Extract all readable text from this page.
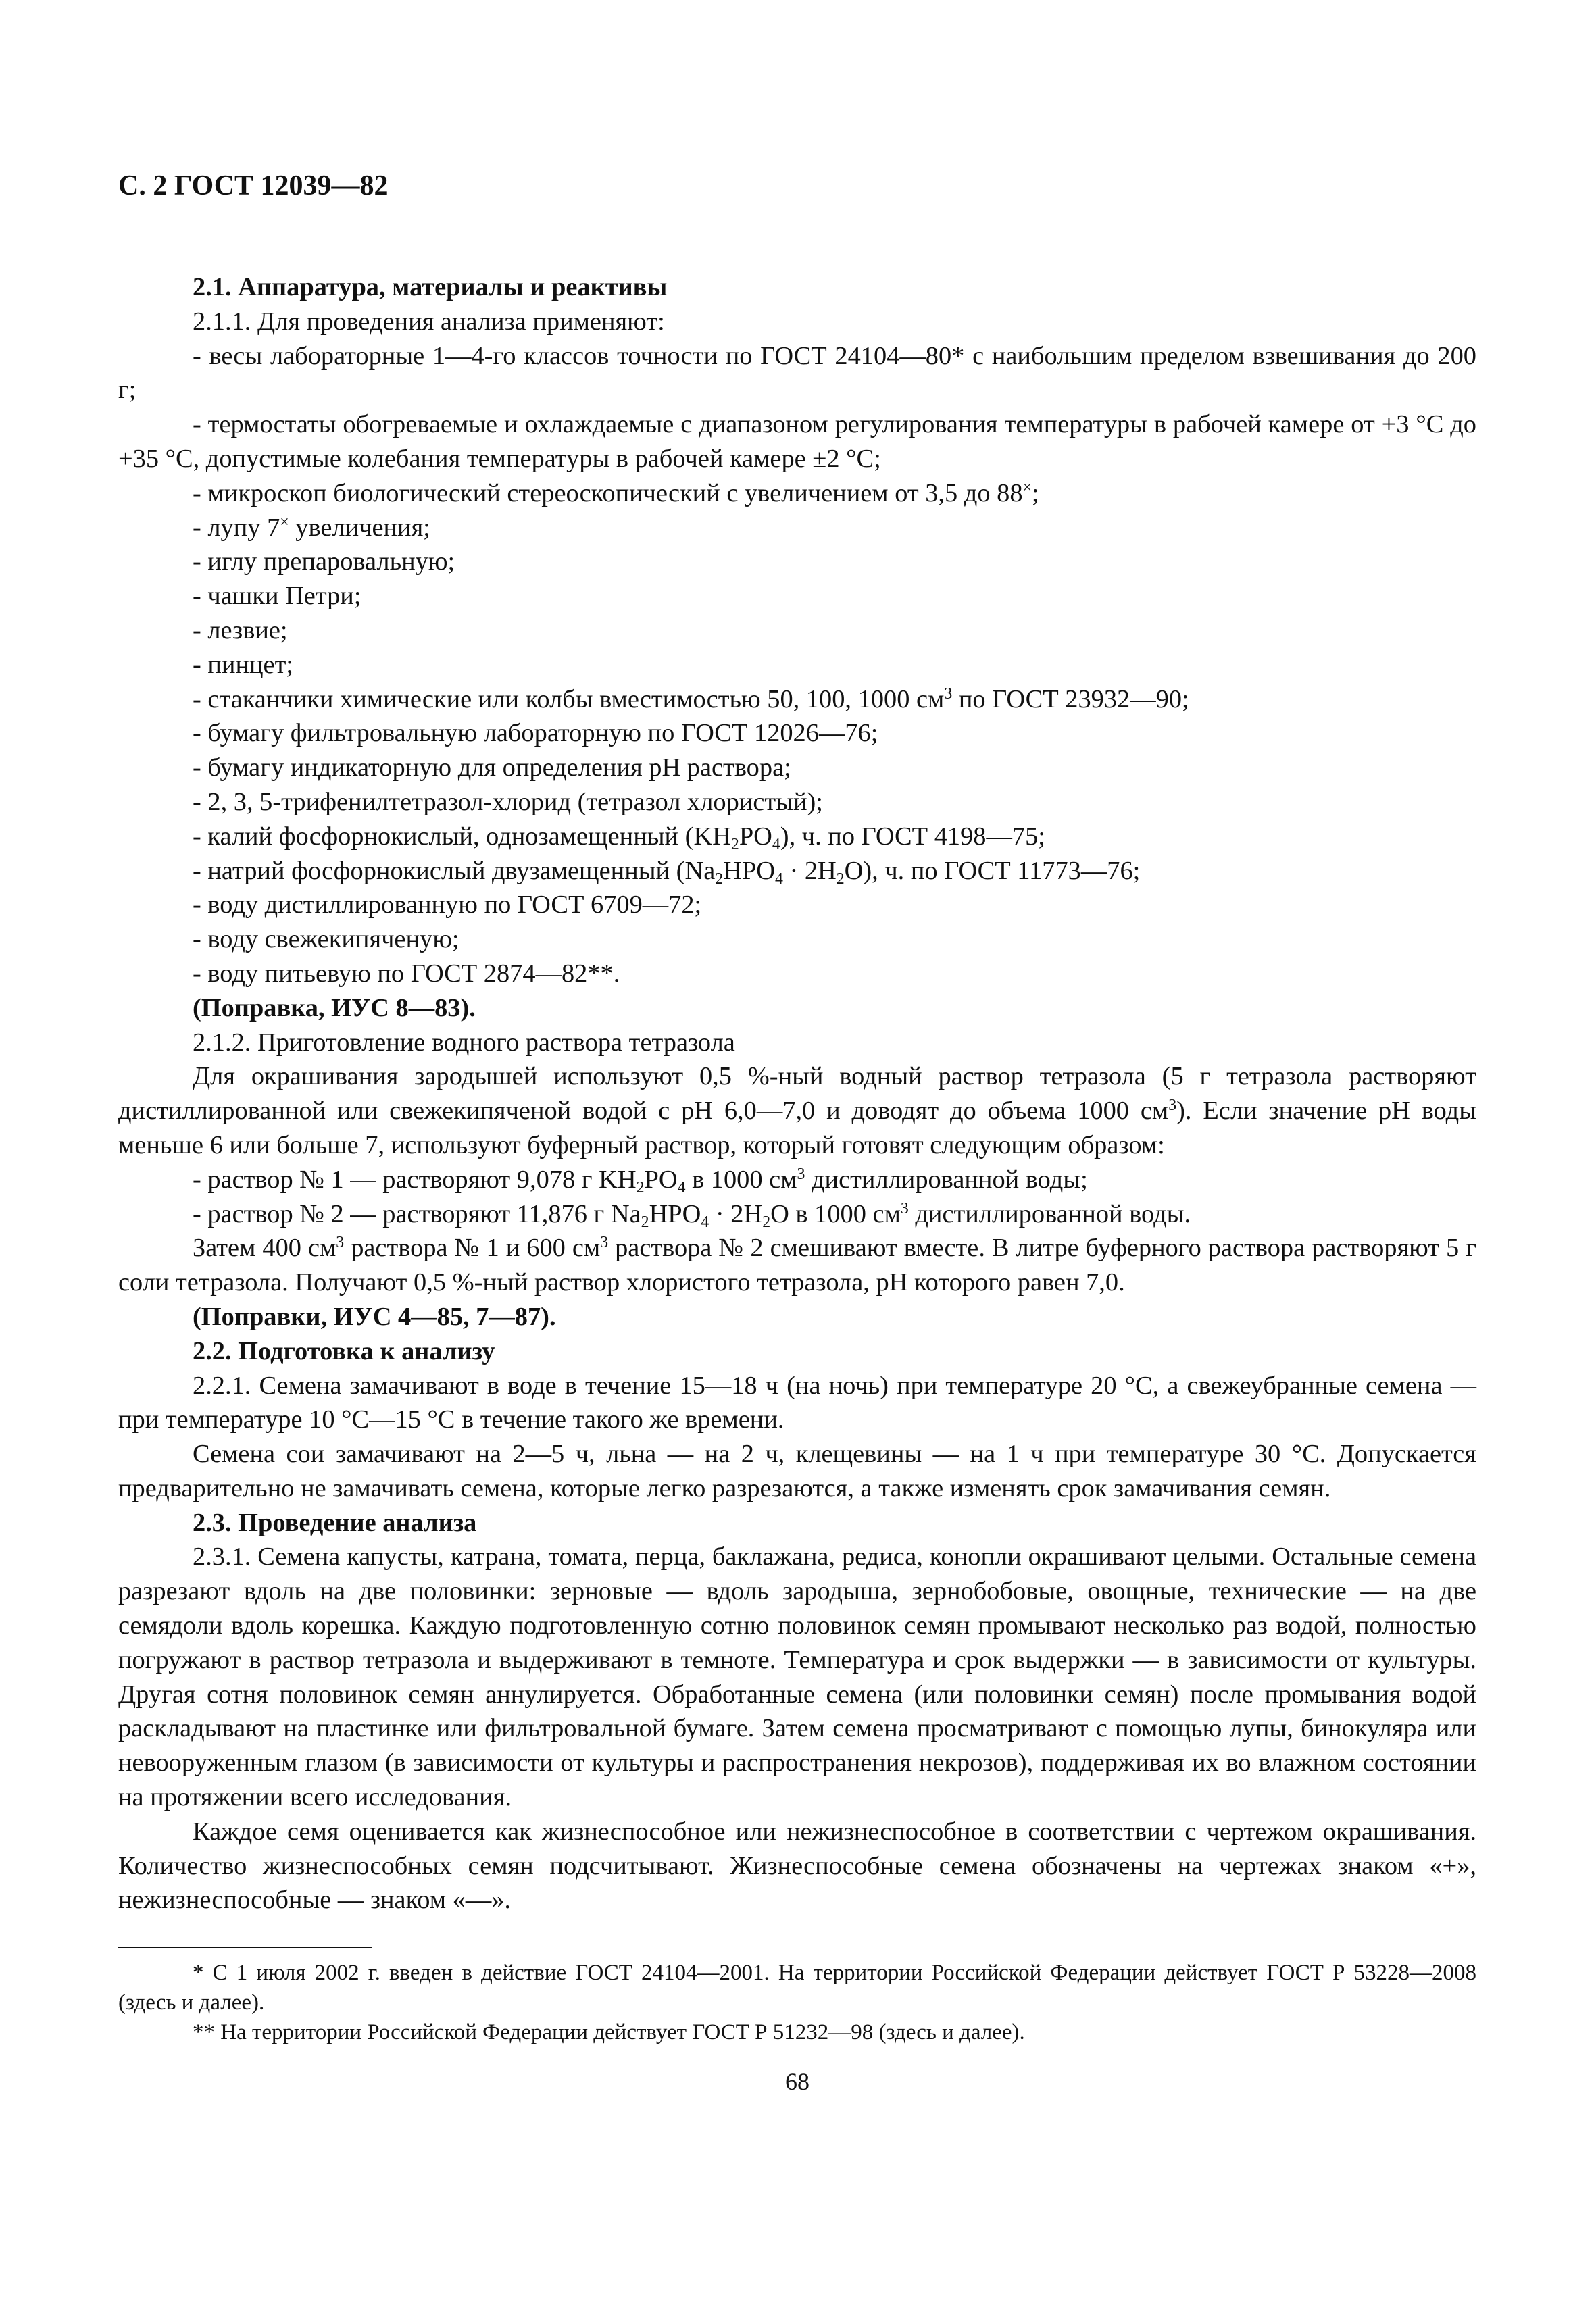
С. 2 ГОСТ 12039—82

2.1. Аппаратура, материалы и реактивы

2.1.1. Для проведения анализа применяют:

- весы лабораторные 1—4-го классов точности по ГОСТ 24104—80* с наибольшим пределом взвешивания до 200 г;

- термостаты обогреваемые и охлаждаемые с диапазоном регулирования температуры в рабочей камере от +3 °C до +35 °C, допустимые колебания температуры в рабочей камере ±2 °C;

- микроскоп биологический стереоскопический с увеличением от 3,5 до 88×;

- лупу 7× увеличения;

- иглу препаровальную;

- чашки Петри;

- лезвие;

- пинцет;

- стаканчики химические или колбы вместимостью 50, 100, 1000 $см^3$ по ГОСТ 23932—90;

- бумагу фильтровальную лабораторную по ГОСТ 12026—76;

- бумагу индикаторную для определения pH раствора;

- 2, 3, 5-трифенилтетразол-хлорид (тетразол хлористый);

- калий фосфорнокислый, однозамещенный $(KH_2PO_4)$, ч. по ГОСТ 4198—75;

- натрий фосфорнокислый двузамещенный $(Na_2HPO_4 \cdot 2H_2O)$, ч. по ГОСТ 11773—76;

- воду дистиллированную по ГОСТ 6709—72;

- воду свежекипяченую;

- воду питьевую по ГОСТ 2874—82**.

(Поправка, ИУС 8—83).

2.1.2. Приготовление водного раствора тетразола

Для окрашивания зародышей используют 0,5 %-ный водный раствор тетразола (5 г тетразола растворяют дистиллированной или свежекипяченой водой с pH 6,0—7,0 и доводят до объема 1000 $см^3$). Если значение pH воды меньше 6 или больше 7, используют буферный раствор, который готовят следующим образом:

- раствор № 1 — растворяют 9,078 г $KH_2PO_4$ в 1000 $см^3$ дистиллированной воды;

- раствор № 2 — растворяют 11,876 г $Na_2HPO_4 \cdot 2H_2O$ в 1000 $см^3$ дистиллированной воды.

Затем 400 $см^3$ раствора № 1 и 600 $см^3$ раствора № 2 смешивают вместе. В литре буферного раствора растворяют 5 г соли тетразола. Получают 0,5 %-ный раствор хлористого тетразола, pH которого равен 7,0.

(Поправки, ИУС 4—85, 7—87).

2.2. Подготовка к анализу

2.2.1. Семена замачивают в воде в течение 15—18 ч (на ночь) при температуре 20 °C, а свежеубранные семена — при температуре 10 °C—15 °C в течение такого же времени.

Семена сои замачивают на 2—5 ч, льна — на 2 ч, клещевины — на 1 ч при температуре 30 °C. Допускается предварительно не замачивать семена, которые легко разрезаются, а также изменять срок замачивания семян.

2.3. Проведение анализа

2.3.1. Семена капусты, катрана, томата, перца, баклажана, редиса, конопли окрашивают целыми. Остальные семена разрезают вдоль на две половинки: зерновые — вдоль зародыша, зернобобовые, овощные, технические — на две семядоли вдоль корешка. Каждую подготовленную сотню половинок семян промывают несколько раз водой, полностью погружают в раствор тетразола и выдерживают в темноте. Температура и срок выдержки — в зависимости от культуры. Другая сотня половинок семян аннулируется. Обработанные семена (или половинки семян) после промывания водой раскладывают на пластинке или фильтровальной бумаге. Затем семена просматривают с помощью лупы, бинокуляра или невооруженным глазом (в зависимости от культуры и распространения некрозов), поддерживая их во влажном состоянии на протяжении всего исследования.

Каждое семя оценивается как жизнеспособное или нежизнеспособное в соответствии с чертежом окрашивания. Количество жизнеспособных семян подсчитывают. Жизнеспособные семена обозначены на чертежах знаком «+», нежизнеспособные — знаком «—».

* С 1 июля 2002 г. введен в действие ГОСТ 24104—2001. На территории Российской Федерации действует ГОСТ Р 53228—2008 (здесь и далее).

** На территории Российской Федерации действует ГОСТ Р 51232—98 (здесь и далее).

68
